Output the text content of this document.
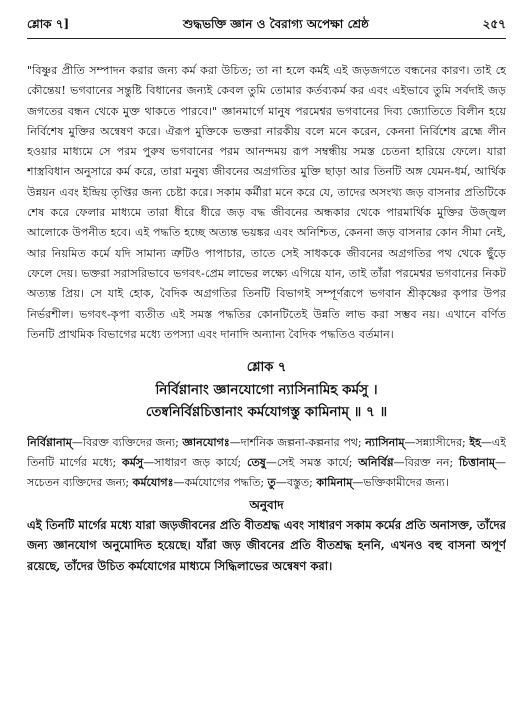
শ্লোক ৭]	শুদ্ধভক্তি জ্ঞান ও বৈরাগ্য অপেক্ষা শ্রেষ্ঠ	২৫৭

"বিষ্ণুর প্রীতি সম্পাদন করার জন্য কর্ম করা উচিত; তা না হলে কর্মই এই জড়জগতে বন্ধনের কারণ। তাই হে কৌন্তেয়! ভগবানের সন্তুষ্টি বিধানের জন্যই কেবল তুমি তোমার কর্তব্যকর্ম কর এবং এইভাবে তুমি সর্বদাই জড় জগতের বন্ধন থেকে মুক্ত থাকতে পারবে।" জ্ঞানমার্গে মানুষ পরমেশ্বর ভগবানের দিব্য জ্যোতিতে বিলীন হয়ে নির্বিশেষ মুক্তির অন্বেষণ করে। ঐরূপ মুক্তিকে ভক্তরা নারকীয় বলে মনে করেন, কেননা নির্বিশেষ ব্রহ্মে লীন হওয়ার মাধ্যমে সে পরম পুরুষ ভগবানের পরম আনন্দময় রূপ সম্বন্ধীয় সমস্ত চেতনা হারিয়ে ফেলে। যারা শাস্ত্রবিধান অনুসারে কর্ম করে, তারা মনুষ্য জীবনের অগ্রগতির মুক্তি ছাড়া আর তিনটি অঙ্গ যেমন-ধর্ম, আর্থিক উন্নয়ন এবং ইন্দ্রিয় তৃপ্তির জন্য চেষ্টা করে। সকাম কর্মীরা মনে করে যে, তাদের অসংখ্য জড় বাসনার প্রতিটিকে শেষ করে ফেলার মাধ্যমে তারা ধীরে ধীরে জড় বদ্ধ জীবনের অন্ধকার থেকে পারমার্থিক মুক্তির উজ্জ্বল আলোকে উপনীত হবে। এই পদ্ধতি হচ্ছে অত্যন্ত ভয়ঙ্কর এবং অনিশ্চিত, কেননা জড় বাসনার কোন সীমা নেই, আর নিয়মিত কর্মে যদি সামান্য ত্রুটিও পাপাচার, তাতে সেই সাধককে জীবনের অগ্রগতির পথ থেকে ছুঁড়ে ফেলে দেয়। ভক্তরা সরাসরিভাবে ভগবৎ-প্রেম লাভের লক্ষ্যে এগিয়ে যান, তাই তাঁরা পরমেশ্বর ভগবানের নিকট অত্যন্ত প্রিয়। সে যাই হোক, বৈদিক অগ্রগতির তিনটি বিভাগই সম্পূর্ণরূপে ভগবান শ্রীকৃষ্ণের কৃপার উপর নির্ভরশীল। ভগবৎ-কৃপা ব্যতীত এই সমস্ত পদ্ধতির কোনটিতেই উন্নতি লাভ করা সম্ভব নয়। এখানে বর্ণিত তিনটি প্রাথমিক বিভাগের মধ্যে তপস্যা এবং দানাদি অন্যান্য বৈদিক পদ্ধতিও বর্তমান।

শ্লোক ৭
নির্বিণ্ণানাং জ্ঞানযোগো ন্যাসিনামিহ কর্মসু ।
তেষ্বনির্বিণ্ণচিত্তানাং কর্মযোগস্তু কামিনাম্ ॥ ৭ ॥
নির্বিণ্ণানাম্—বিরক্ত ব্যক্তিদের জন্য; জ্ঞানযোগঃ—দার্শনিক জল্পনা-কল্পনার পথ; ন্যাসিনাম্—সন্ন্যাসীদের; ইহ—এই তিনটি মার্গের মধ্যে; কর্মসু—সাধারণ জড় কার্যে; তেষু—সেই সমস্ত কার্যে; অনির্বিণ্ণ—বিরক্ত নন; চিত্তানাম্—সচেতন ব্যক্তিদের জন্য; কর্মযোগঃ—কর্মযোগের পদ্ধতি; তু—বস্তুত; কামিনাম্—ভক্তিকামীদের জন্য।
অনুবাদ

এই তিনটি মার্গের মধ্যে যারা জড়জীবনের প্রতি বীতশ্রদ্ধ এবং সাধারণ সকাম কর্মের প্রতি অনাসক্ত, তাঁদের জন্য জ্ঞানযোগ অনুমোদিত হয়েছে। যাঁরা জড় জীবনের প্রতি বীতশ্রদ্ধ হননি, এখনও বহু বাসনা অপূর্ণ রয়েছে, তাঁদের উচিত কর্মযোগের মাধ্যমে সিদ্ধিলাভের অন্বেষণ করা।
